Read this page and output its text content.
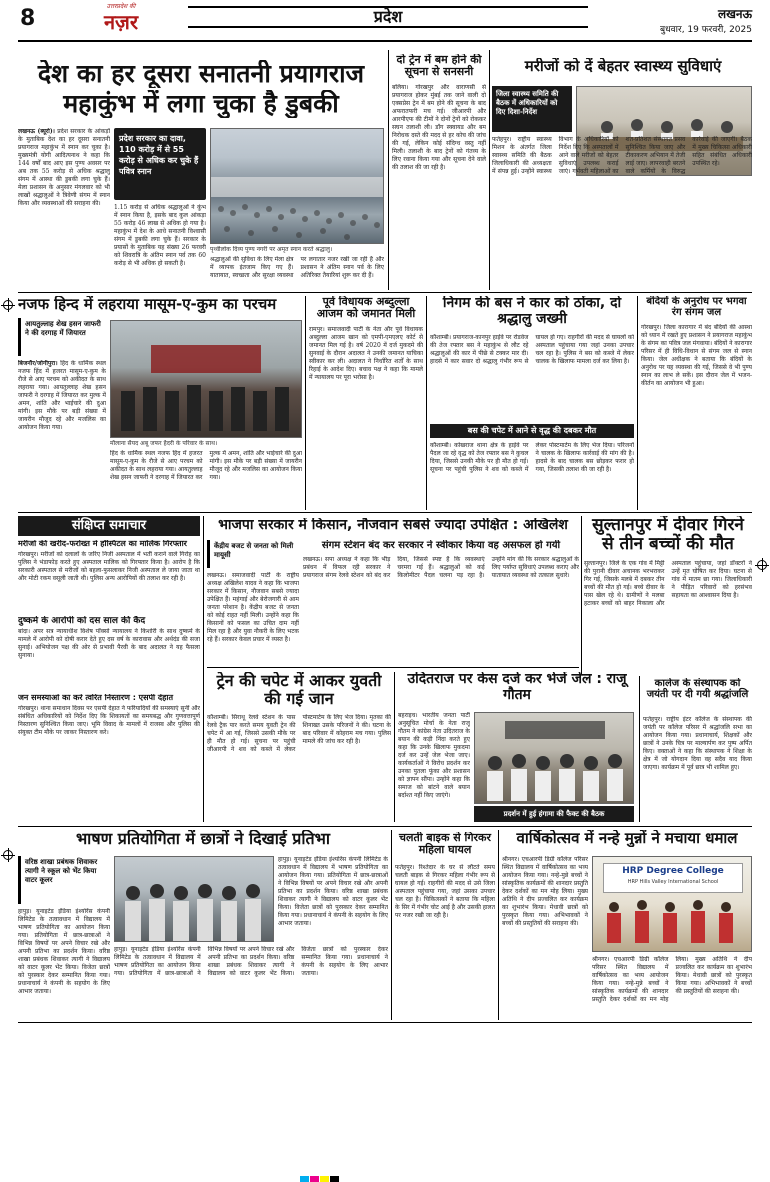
8	उत्तरप्रदेश की
नज़र	प्रदेश	लखनऊ
बुधवार, 19 फरवरी, 2025
देश का हर दूसरा सनातनी प्रयागराज
महाकुंभ में लगा चुका है डुबकी
लखनऊ (ब्यूरो)। प्रदेश सरकार के आंकड़ों के मुताबिक देश का हर दूसरा सनातनी प्रयागराज महाकुंभ में स्नान कर चुका है। मुख्यमंत्री योगी आदित्यनाथ ने कहा कि 144 वर्षों बाद आए इस पुण्य अवसर पर अब तक 55 करोड़ से अधिक श्रद्धालु संगम में आस्था की डुबकी लगा चुके हैं। मेला प्रशासन के अनुसार मंगलवार को भी लाखों श्रद्धालुओं ने त्रिवेणी संगम में स्नान किया और व्यवस्थाओं की सराहना की।
प्रदेश सरकार का दावा, 110 करोड़ में से 55 करोड़ से अधिक कर चुके हैं पवित्र स्नान
1.15 करोड़ से अधिक श्रद्धालुओं ने कुंभ में स्नान किया है, इसके बाद कुल आंकड़ा 55 करोड़ 46 लाख से अधिक हो गया है। महाकुंभ में देश के आधे सनातनी विश्वासी संगम में डुबकी लगा चुके हैं। सरकार के प्रयासों के मुताबिक यह संख्या 26 फरवरी को शिवरात्रि के अंतिम स्नान पर्व तक 60 करोड़ से भी अधिक हो सकती है।
पृथ्वीलोक दिव्य पुण्य नगरी पर अमृत स्नान करते श्रद्धालु।
श्रद्धालुओं की सुविधा के लिए मेला क्षेत्र में व्यापक इंतजाम किए गए हैं। यातायात, स्वच्छता और सुरक्षा व्यवस्था पर लगातार नजर रखी जा रही है और प्रशासन ने अंतिम स्नान पर्व के लिए अतिरिक्त तैयारियां शुरू कर दी हैं।
दो ट्रेन में बम होने की सूचना से सनसनी
बलिया। गोरखपुर और वाराणसी से प्रयागराज होकर मुंबई तक जाने वाली दो एक्सप्रेस ट्रेन में बम होने की सूचना के बाद अफरातफरी मच गई। जीआरपी और आरपीएफ की टीमों ने दोनों ट्रेनों को रोककर सघन तलाशी ली। डॉग स्क्वायड और बम निरोधक दस्ते की मदद से हर कोच की जांच की गई, लेकिन कोई संदिग्ध वस्तु नहीं मिली। तलाशी के बाद ट्रेनों को गंतव्य के लिए रवाना किया गया और सूचना देने वाले की तलाश की जा रही है।
मरीजों को दें बेहतर स्वास्थ्य सुविधाएं
जिला स्वास्थ्य समिति की बैठक में अधिकारियों को दिए दिशा-निर्देश
फतेहपुर। राष्ट्रीय स्वास्थ्य मिशन के अंतर्गत जिला स्वास्थ्य समिति की बैठक जिलाधिकारी की अध्यक्षता में संपन्न हुई। उन्होंने स्वास्थ्य विभाग के अधिकारियों को निर्देश दिए कि अस्पतालों में आने वाले मरीजों को बेहतर सुविधाएं उपलब्ध कराई जाएं। गर्भवती महिलाओं का शत-प्रतिशत संस्थागत प्रसव सुनिश्चित किया जाए और टीकाकरण अभियान में तेजी लाई जाए। लापरवाही बरतने वाले कर्मियों के विरुद्ध कार्रवाई की जाएगी। बैठक में मुख्य चिकित्सा अधिकारी सहित संबंधित अधिकारी उपस्थित रहे।
नजफ हिन्द में लहराया मासूम-ए-कुम का परचम
आयतुल्लाह शेख हसन जाफरी ने की दरगाह में जियारत
बिजनौर/जोगीपुरा। हिंद के धार्मिक स्थल नजफ हिंद में हजरत मासूम-ए-कुम के रौजे से आए परचम को अकीदत के साथ लहराया गया। आयतुल्लाह शेख हसन जाफरी ने दरगाह में जियारत कर मुल्क में अमन, शांति और भाईचारे की दुआ मांगी। इस मौके पर बड़ी संख्या में जायरीन मौजूद रहे और मजलिस का आयोजन किया गया।
मौलाना सैयद अबू जफर हैदरी के परिवार के साथ।
हिंद के धार्मिक स्थल नजफ हिंद में हजरत मासूम-ए-कुम के रौजे से आए परचम को अकीदत के साथ लहराया गया। आयतुल्लाह शेख हसन जाफरी ने दरगाह में जियारत कर मुल्क में अमन, शांति और भाईचारे की दुआ मांगी। इस मौके पर बड़ी संख्या में जायरीन मौजूद रहे और मजलिस का आयोजन किया गया।
पूर्व विधायक अब्दुल्ला आजम को जमानत मिली
रामपुर। समाजवादी पार्टी के नेता और पूर्व विधायक अब्दुल्ला आजम खान को एमपी-एमएलए कोर्ट से जमानत मिल गई है। वर्ष 2020 में दर्ज मुकदमे की सुनवाई के दौरान अदालत ने उनकी जमानत याचिका स्वीकार कर ली। अदालत ने निर्धारित शर्तों के साथ रिहाई के आदेश दिए। बचाव पक्ष ने कहा कि मामले में न्यायालय पर पूरा भरोसा है।
निगम की बस ने कार को ठोंका, दो श्रद्धालु जख्मी
कौशाम्बी। प्रयागराज-कानपुर हाईवे पर रोडवेज की तेज रफ्तार बस ने महाकुंभ से लौट रहे श्रद्धालुओं की कार में पीछे से टक्कर मार दी। हादसे में कार सवार दो श्रद्धालु गंभीर रूप से घायल हो गए। राहगीरों की मदद से घायलों को अस्पताल पहुंचाया गया जहां उनका उपचार चल रहा है। पुलिस ने बस को कब्जे में लेकर चालक के खिलाफ मामला दर्ज कर लिया है।
बस की चपेट में आने से वृद्ध की दबकर मौत
कौशाम्बी। कोखराज थाना क्षेत्र के हाईवे पर पैदल जा रहे वृद्ध को तेज रफ्तार बस ने कुचल दिया, जिससे उनकी मौके पर ही मौत हो गई। सूचना पर पहुंची पुलिस ने शव को कब्जे में लेकर पोस्टमार्टम के लिए भेज दिया। परिजनों ने चालक के खिलाफ कार्रवाई की मांग की है। हादसे के बाद चालक बस छोड़कर फरार हो गया, जिसकी तलाश की जा रही है।
बंदियों के अनुरोध पर भगवा रंग संगम जल
गोरखपुर। जिला कारागार में बंद बंदियों की आस्था को ध्यान में रखते हुए प्रशासन ने प्रयागराज महाकुंभ के संगम का पवित्र जल मंगवाया। बंदियों ने कारागार परिसर में ही विधि-विधान से संगम जल से स्नान किया। जेल अधीक्षक ने बताया कि बंदियों के अनुरोध पर यह व्यवस्था की गई, जिससे वे भी पुण्य स्नान का लाभ ले सकें। इस दौरान जेल में भजन-कीर्तन का आयोजन भी हुआ।
संक्षिप्त समाचार
मरीजों की खरीद-फरोख्त में हॉस्पिटल का मालिक गिरफ्तार
गोरखपुर। मरीजों को दलालों के जरिए निजी अस्पताल में भर्ती कराने वाले गिरोह का पुलिस ने भंडाफोड़ करते हुए अस्पताल मालिक को गिरफ्तार किया है। आरोप है कि सरकारी अस्पताल से मरीजों को बहला-फुसलाकर निजी अस्पताल ले जाया जाता था और मोटी रकम वसूली जाती थी। पुलिस अन्य आरोपियों की तलाश कर रही है।
दुष्कर्म के आरोपी को दस साल की कैद
बांदा। अपर सत्र न्यायाधीश विशेष पॉक्सो न्यायालय ने किशोरी के साथ दुष्कर्म के मामले में आरोपी को दोषी करार देते हुए दस वर्ष के कारावास और अर्थदंड की सजा सुनाई। अभियोजन पक्ष की ओर से प्रभावी पैरवी के बाद अदालत ने यह फैसला सुनाया।
जन समस्याओं का करें त्वरित निस्तारण : एसपी देहात
गोरखपुर। थाना समाधान दिवस पर एसपी देहात ने फरियादियों की समस्याएं सुनीं और संबंधित अधिकारियों को निर्देश दिए कि शिकायतों का समयबद्ध और गुणवत्तापूर्ण निस्तारण सुनिश्चित किया जाए। भूमि विवाद के मामलों में राजस्व और पुलिस की संयुक्त टीम मौके पर जाकर निस्तारण करे।
भाजपा सरकार में किसान, नौजवान सबसे ज्यादा उपेक्षित : अखिलेश
केंद्रीय बजट से जनता को मिली मायूसी
लखनऊ। समाजवादी पार्टी के राष्ट्रीय अध्यक्ष अखिलेश यादव ने कहा कि भाजपा सरकार में किसान, नौजवान सबसे ज्यादा उपेक्षित हैं। महंगाई और बेरोजगारी से आम जनता परेशान है। केंद्रीय बजट से जनता को कोई राहत नहीं मिली। उन्होंने कहा कि किसानों को फसल का उचित दाम नहीं मिल रहा है और युवा नौकरी के लिए भटक रहे हैं। सरकार केवल प्रचार में व्यस्त है।
संगम स्टेशन बंद कर सरकार ने स्वीकार किया वह असफल हो गयी
लखनऊ। सपा अध्यक्ष ने कहा कि भीड़ प्रबंधन में विफल रही सरकार ने प्रयागराज संगम रेलवे स्टेशन को बंद कर दिया, जिससे स्पष्ट है कि व्यवस्थाएं चरमरा गई हैं। श्रद्धालुओं को कई किलोमीटर पैदल चलना पड़ रहा है। उन्होंने मांग की कि सरकार श्रद्धालुओं के लिए पर्याप्त सुविधाएं उपलब्ध कराए और यातायात व्यवस्था को तत्काल सुधारे।
ट्रेन की चपेट में आकर युवती की गई जान
कौशाम्बी। सिराथू रेलवे स्टेशन के पास रेलवे ट्रैक पार करते समय युवती ट्रेन की चपेट में आ गई, जिससे उसकी मौके पर ही मौत हो गई। सूचना पर पहुंची जीआरपी ने शव को कब्जे में लेकर पोस्टमार्टम के लिए भेज दिया। मृतका की शिनाख्त उसके परिजनों ने की। घटना के बाद परिवार में कोहराम मच गया। पुलिस मामले की जांच कर रही है।
सुल्तानपुर में दीवार गिरने से तीन बच्चों की मौत
सुल्तानपुर। जिले के एक गांव में मिट्टी की पुरानी दीवार अचानक भरभराकर गिर गई, जिसके मलबे में दबकर तीन बच्चों की मौत हो गई। बच्चे दीवार के पास खेल रहे थे। ग्रामीणों ने मलबा हटाकर बच्चों को बाहर निकाला और अस्पताल पहुंचाया, जहां डॉक्टरों ने उन्हें मृत घोषित कर दिया। घटना से गांव में मातम छा गया। जिलाधिकारी ने पीड़ित परिवारों को हरसंभव सहायता का आश्वासन दिया है।
उदितराज पर केस दर्ज कर भेजें जेल : राजू गौतम
बहराइच। भारतीय जनता पार्टी अनुसूचित मोर्चा के नेता राजू गौतम ने कांग्रेस नेता उदितराज के बयान की कड़ी निंदा करते हुए कहा कि उनके खिलाफ मुकदमा दर्ज कर उन्हें जेल भेजा जाए। कार्यकर्ताओं ने विरोध प्रदर्शन कर उनका पुतला फूंका और प्रशासन को ज्ञापन सौंपा। उन्होंने कहा कि समाज को बांटने वाले बयान बर्दाश्त नहीं किए जाएंगे।
प्रदर्शन में हुई हंगामा की फैक्ट की बैठक
कालेज के संस्थापक को जयंती पर दी गयी श्रद्धांजलि
फतेहपुर। राष्ट्रीय इंटर कॉलेज के संस्थापक की जयंती पर कॉलेज परिसर में श्रद्धांजलि सभा का आयोजन किया गया। प्रधानाचार्य, शिक्षकों और छात्रों ने उनके चित्र पर माल्यार्पण कर पुष्प अर्पित किए। वक्ताओं ने कहा कि संस्थापक ने शिक्षा के क्षेत्र में जो योगदान दिया वह सदैव याद किया जाएगा। कार्यक्रम में पूर्व छात्र भी शामिल हुए।
भाषण प्रतियोगिता में छात्रों ने दिखाई प्रतिभा
वरिष्ठ शाखा प्रबंधक शिवाकर त्यागी ने स्कूल को भेंट किया वाटर कूलर
हापुड़। यूनाइटेड इंडिया इंश्योरेंस कंपनी लिमिटेड के तत्वावधान में विद्यालय में भाषण प्रतियोगिता का आयोजन किया गया। प्रतियोगिता में छात्र-छात्राओं ने विभिन्न विषयों पर अपने विचार रखे और अपनी प्रतिभा का प्रदर्शन किया। वरिष्ठ शाखा प्रबंधक शिवाकर त्यागी ने विद्यालय को वाटर कूलर भेंट किया। विजेता छात्रों को पुरस्कार देकर सम्मानित किया गया। प्रधानाचार्य ने कंपनी के सहयोग के लिए आभार जताया।
हापुड़। यूनाइटेड इंडिया इंश्योरेंस कंपनी लिमिटेड के तत्वावधान में विद्यालय में भाषण प्रतियोगिता का आयोजन किया गया। प्रतियोगिता में छात्र-छात्राओं ने विभिन्न विषयों पर अपने विचार रखे और अपनी प्रतिभा का प्रदर्शन किया। वरिष्ठ शाखा प्रबंधक शिवाकर त्यागी ने विद्यालय को वाटर कूलर भेंट किया। विजेता छात्रों को पुरस्कार देकर सम्मानित किया गया। प्रधानाचार्य ने कंपनी के सहयोग के लिए आभार जताया।
हापुड़। यूनाइटेड इंडिया इंश्योरेंस कंपनी लिमिटेड के तत्वावधान में विद्यालय में भाषण प्रतियोगिता का आयोजन किया गया। प्रतियोगिता में छात्र-छात्राओं ने विभिन्न विषयों पर अपने विचार रखे और अपनी प्रतिभा का प्रदर्शन किया। वरिष्ठ शाखा प्रबंधक शिवाकर त्यागी ने विद्यालय को वाटर कूलर भेंट किया। विजेता छात्रों को पुरस्कार देकर सम्मानित किया गया। प्रधानाचार्य ने कंपनी के सहयोग के लिए आभार जताया।
चलती बाइक से गिरकर महिला घायल
फतेहपुर। रिश्तेदार के घर से लौटते समय चलती बाइक से गिरकर महिला गंभीर रूप से घायल हो गई। राहगीरों की मदद से उसे जिला अस्पताल पहुंचाया गया, जहां उसका उपचार चल रहा है। चिकित्सकों ने बताया कि महिला के सिर में गंभीर चोट आई है और उसकी हालत पर नजर रखी जा रही है।
वार्षिकोत्सव में नन्हे मुन्नों ने मचाया धमाल
श्रीनगर। एचआरपी डिग्री कॉलेज परिसर स्थित विद्यालय में वार्षिकोत्सव का भव्य आयोजन किया गया। नन्हे-मुन्ने बच्चों ने सांस्कृतिक कार्यक्रमों की शानदार प्रस्तुति देकर दर्शकों का मन मोह लिया। मुख्य अतिथि ने दीप प्रज्वलित कर कार्यक्रम का शुभारंभ किया। मेधावी छात्रों को पुरस्कृत किया गया। अभिभावकों ने बच्चों की प्रस्तुतियों की सराहना की।
HRP Degree College
HRP Hills Valley International School
श्रीनगर। एचआरपी डिग्री कॉलेज परिसर स्थित विद्यालय में वार्षिकोत्सव का भव्य आयोजन किया गया। नन्हे-मुन्ने बच्चों ने सांस्कृतिक कार्यक्रमों की शानदार प्रस्तुति देकर दर्शकों का मन मोह लिया। मुख्य अतिथि ने दीप प्रज्वलित कर कार्यक्रम का शुभारंभ किया। मेधावी छात्रों को पुरस्कृत किया गया। अभिभावकों ने बच्चों की प्रस्तुतियों की सराहना की।
